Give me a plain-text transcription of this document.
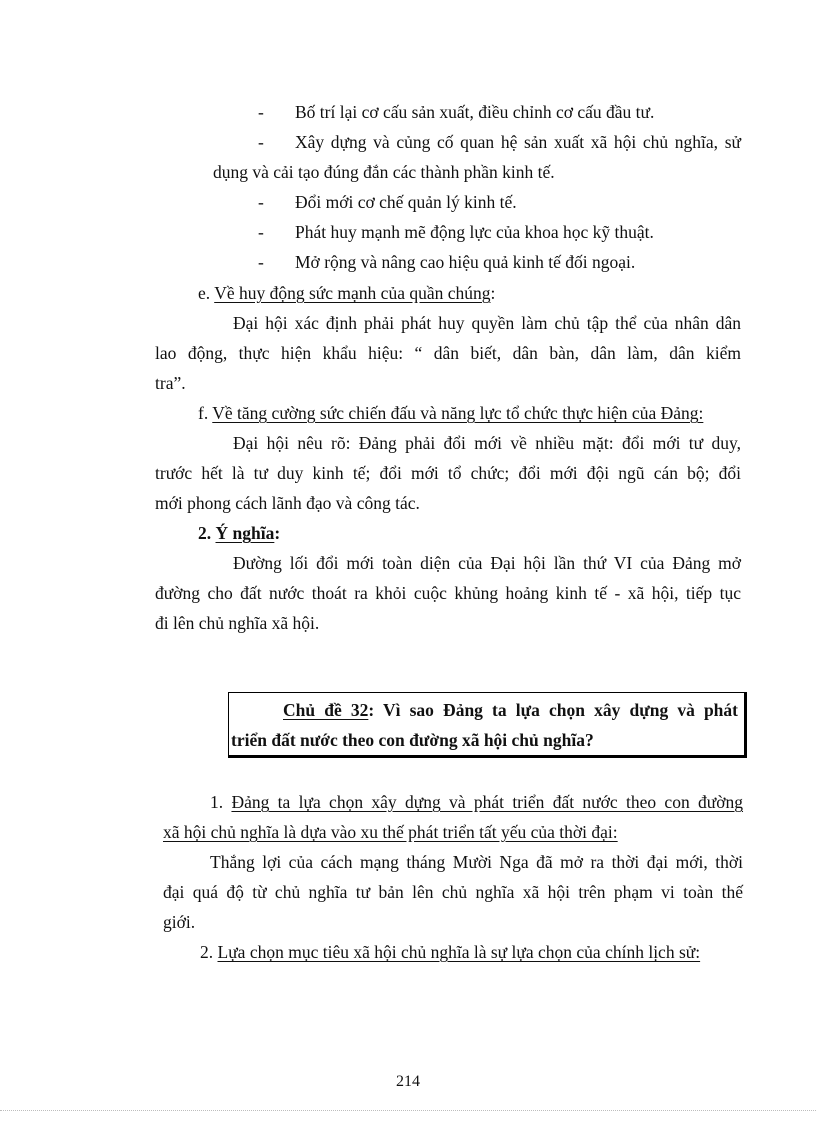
- Bố trí lại cơ cấu sản xuất, điều chỉnh cơ cấu đầu tư.
- Xây dựng và củng cố quan hệ sản xuất xã hội chủ nghĩa, sử
dụng và cải tạo đúng đắn các thành phần kinh tế.
- Đổi mới cơ chế quản lý kinh tế.
- Phát huy mạnh mẽ động lực của khoa học kỹ thuật.
- Mở rộng và nâng cao hiệu quả kinh tế đối ngoại.
e. Về huy động sức mạnh của quần chúng:
Đại hội xác định phải phát huy quyền làm chủ tập thể của nhân dân
lao động, thực hiện khẩu hiệu: “ dân biết, dân bàn, dân làm, dân kiểm
tra”.
f. Về tăng cường sức chiến đấu và năng lực tổ chức thực hiện của Đảng:
Đại hội nêu rõ: Đảng phải đổi mới về nhiều mặt: đổi mới tư duy,
trước hết là tư duy kinh tế; đổi mới tổ chức; đổi mới đội ngũ cán bộ; đổi
mới phong cách lãnh đạo và công tác.
2. Ý nghĩa:
Đường lối đổi mới toàn diện của Đại hội lần thứ VI của Đảng mở
đường cho đất nước thoát ra khỏi cuộc khủng hoảng kinh tế - xã hội, tiếp tục
đi lên chủ nghĩa xã hội.
Chủ đề 32: Vì sao Đảng ta lựa chọn xây dựng và phát
triển đất nước theo con đường xã hội chủ nghĩa?
1. Đảng ta lựa chọn xây dựng và phát triển đất nước theo con đường
xã hội chủ nghĩa là dựa vào xu thế phát triển tất yếu của thời đại:
Thắng lợi của cách mạng tháng Mười Nga đã mở ra thời đại mới, thời
đại quá độ từ chủ nghĩa tư bản lên chủ nghĩa xã hội trên phạm vi toàn thế
giới.
2. Lựa chọn mục tiêu xã hội chủ nghĩa là sự lựa chọn của chính lịch sử:
214
